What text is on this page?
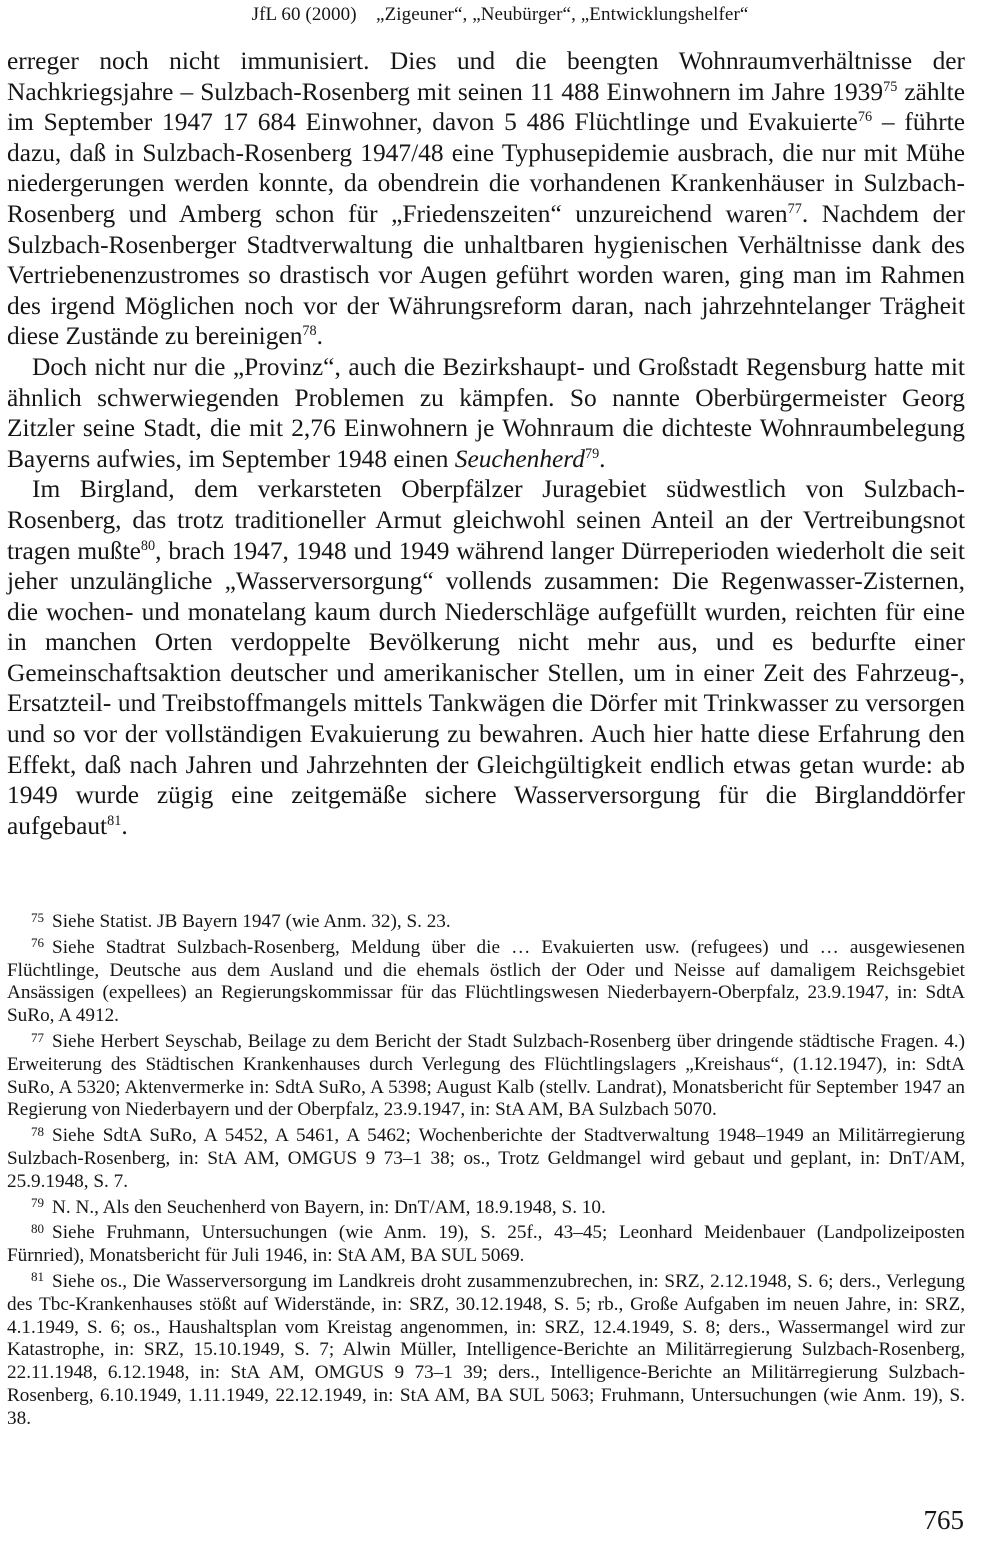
JfL 60 (2000)    „Zigeuner“, „Neubürger“, „Entwicklungshelfer“

erreger noch nicht immunisiert. Dies und die beengten Wohnraumverhältnisse der Nachkriegsjahre – Sulzbach-Rosenberg mit seinen 11 488 Einwohnern im Jahre 1939$^{75}$ zählte im September 1947 17 684 Einwohner, davon 5 486 Flüchtlinge und Evakuierte$^{76}$ – führte dazu, daß in Sulzbach-Rosenberg 1947/48 eine Typhusepidemie ausbrach, die nur mit Mühe niedergerungen werden konnte, da obendrein die vorhandenen Krankenhäuser in Sulzbach-Rosenberg und Amberg schon für „Friedenszeiten“ unzureichend waren$^{77}$. Nachdem der Sulzbach-Rosenberger Stadtverwaltung die unhaltbaren hygienischen Verhältnisse dank des Vertriebenenzustromes so drastisch vor Augen geführt worden waren, ging man im Rahmen des irgend Möglichen noch vor der Währungsreform daran, nach jahrzehntelanger Trägheit diese Zustände zu bereinigen$^{78}$.

Doch nicht nur die „Provinz“, auch die Bezirkshaupt- und Großstadt Regensburg hatte mit ähnlich schwerwiegenden Problemen zu kämpfen. So nannte Oberbürgermeister Georg Zitzler seine Stadt, die mit 2,76 Einwohnern je Wohnraum die dichteste Wohnraumbelegung Bayerns aufwies, im September 1948 einen Seuchenherd$^{79}$.

Im Birgland, dem verkarsteten Oberpfälzer Juragebiet südwestlich von Sulzbach-Rosenberg, das trotz traditioneller Armut gleichwohl seinen Anteil an der Vertreibungsnot tragen mußte$^{80}$, brach 1947, 1948 und 1949 während langer Dürreperioden wiederholt die seit jeher unzulängliche „Wasserversorgung“ vollends zusammen: Die Regenwasser-Zisternen, die wochen- und monatelang kaum durch Niederschläge aufgefüllt wurden, reichten für eine in manchen Orten verdoppelte Bevölkerung nicht mehr aus, und es bedurfte einer Gemeinschaftsaktion deutscher und amerikanischer Stellen, um in einer Zeit des Fahrzeug-, Ersatzteil- und Treibstoffmangels mittels Tankwägen die Dörfer mit Trinkwasser zu versorgen und so vor der vollständigen Evakuierung zu bewahren. Auch hier hatte diese Erfahrung den Effekt, daß nach Jahren und Jahrzehnten der Gleichgültigkeit endlich etwas getan wurde: ab 1949 wurde zügig eine zeitgemäße sichere Wasserversorgung für die Birglanddörfer aufgebaut$^{81}$.

$^{75}$ Siehe Statist. JB Bayern 1947 (wie Anm. 32), S. 23.
$^{76}$ Siehe Stadtrat Sulzbach-Rosenberg, Meldung über die … Evakuierten usw. (refugees) und … ausgewiesenen Flüchtlinge, Deutsche aus dem Ausland und die ehemals östlich der Oder und Neisse auf damaligem Reichsgebiet Ansässigen (expellees) an Regierungskommissar für das Flüchtlingswesen Niederbayern-Oberpfalz, 23.9.1947, in: SdtA SuRo, A 4912.
$^{77}$ Siehe Herbert Seyschab, Beilage zu dem Bericht der Stadt Sulzbach-Rosenberg über dringende städtische Fragen. 4.) Erweiterung des Städtischen Krankenhauses durch Verlegung des Flüchtlingslagers „Kreishaus“, (1.12.1947), in: SdtA SuRo, A 5320; Aktenvermerke in: SdtA SuRo, A 5398; August Kalb (stellv. Landrat), Monatsbericht für September 1947 an Regierung von Niederbayern und der Oberpfalz, 23.9.1947, in: StA AM, BA Sulzbach 5070.
$^{78}$ Siehe SdtA SuRo, A 5452, A 5461, A 5462; Wochenberichte der Stadtverwaltung 1948–1949 an Militärregierung Sulzbach-Rosenberg, in: StA AM, OMGUS 9 73–1 38; os., Trotz Geldmangel wird gebaut und geplant, in: DnT/AM, 25.9.1948, S. 7.
$^{79}$ N. N., Als den Seuchenherd von Bayern, in: DnT/AM, 18.9.1948, S. 10.
$^{80}$ Siehe Fruhmann, Untersuchungen (wie Anm. 19), S. 25f., 43–45; Leonhard Meidenbauer (Landpolizeiposten Fürnried), Monatsbericht für Juli 1946, in: StA AM, BA SUL 5069.
$^{81}$ Siehe os., Die Wasserversorgung im Landkreis droht zusammenzubrechen, in: SRZ, 2.12.1948, S. 6; ders., Verlegung des Tbc-Krankenhauses stößt auf Widerstände, in: SRZ, 30.12.1948, S. 5; rb., Große Aufgaben im neuen Jahre, in: SRZ, 4.1.1949, S. 6; os., Haushaltsplan vom Kreistag angenommen, in: SRZ, 12.4.1949, S. 8; ders., Wassermangel wird zur Katastrophe, in: SRZ, 15.10.1949, S. 7; Alwin Müller, Intelligence-Berichte an Militärregierung Sulzbach-Rosenberg, 22.11.1948, 6.12.1948, in: StA AM, OMGUS 9 73–1 39; ders., Intelligence-Berichte an Militärregierung Sulzbach-Rosenberg, 6.10.1949, 1.11.1949, 22.12.1949, in: StA AM, BA SUL 5063; Fruhmann, Untersuchungen (wie Anm. 19), S. 38.
765
